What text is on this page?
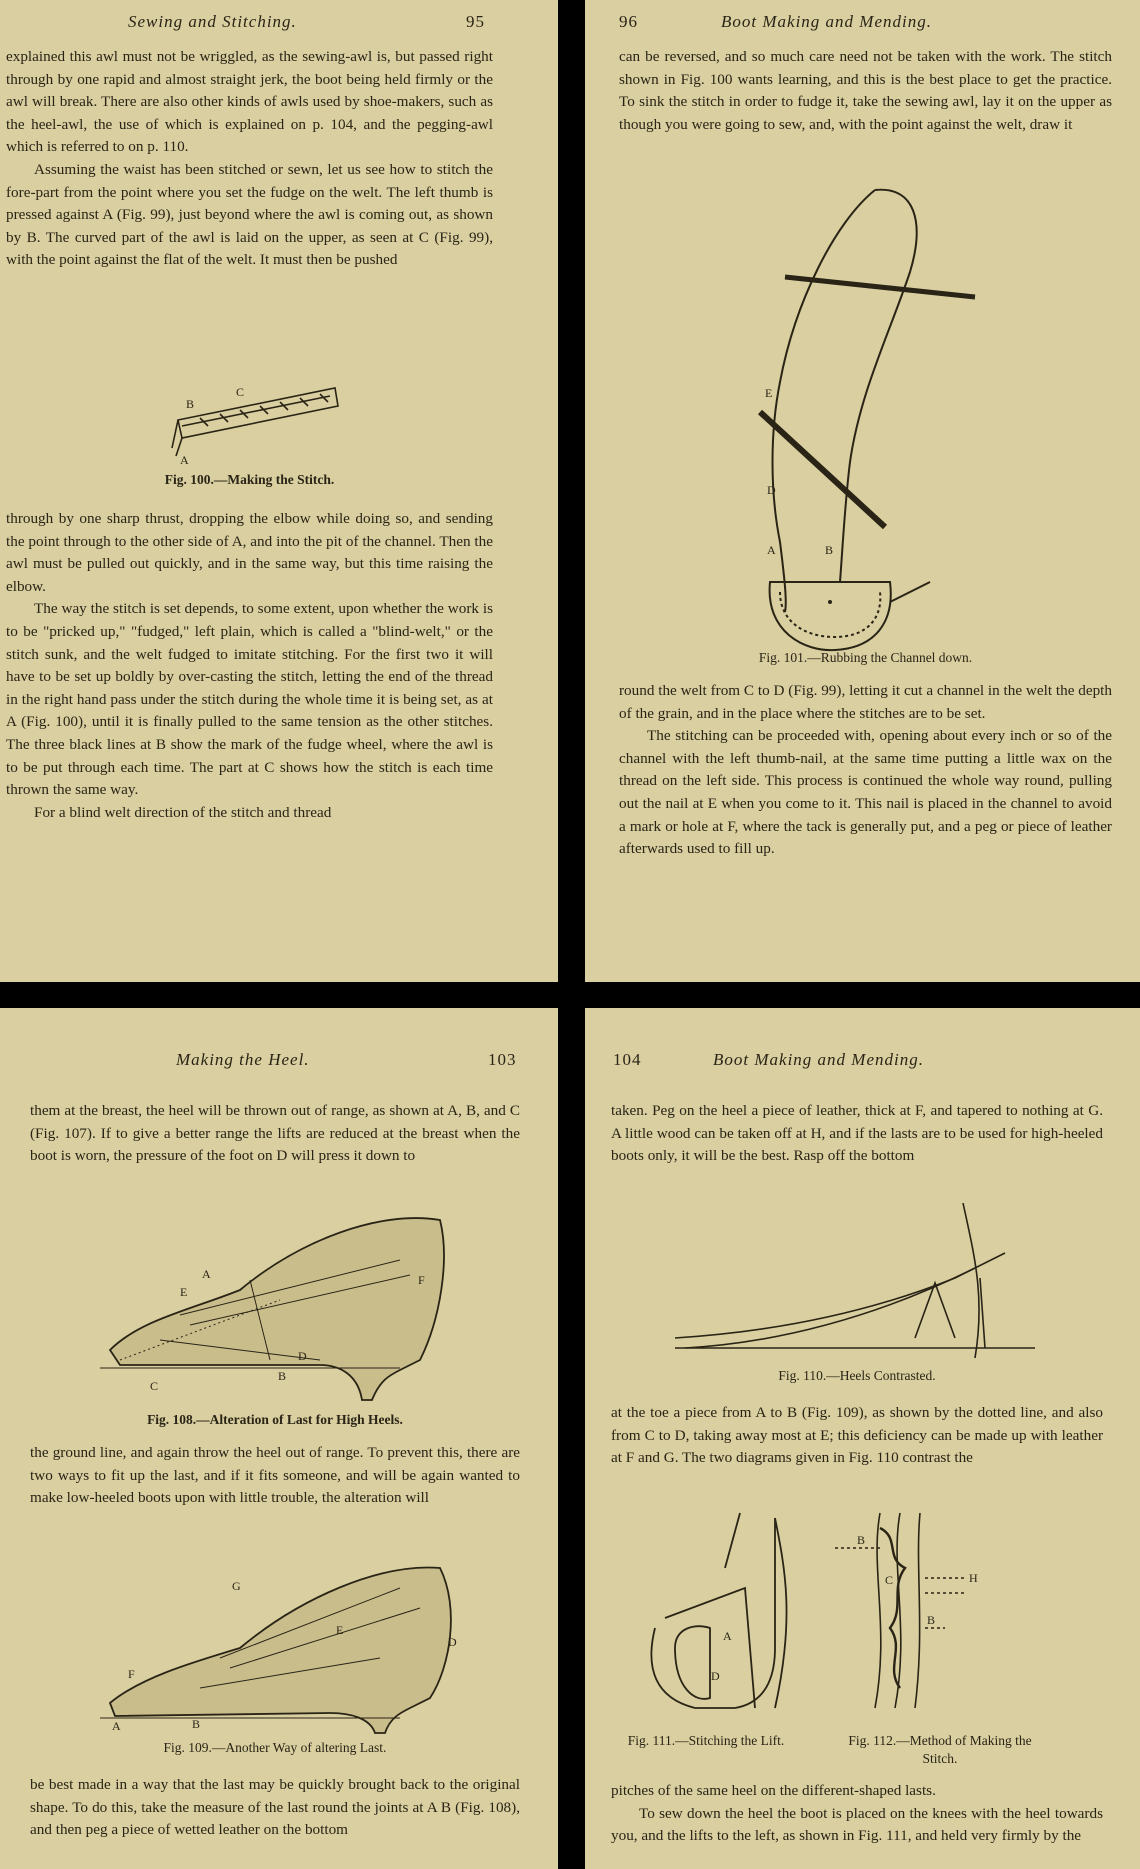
Sewing and Stitching.	95

explained this awl must not be wriggled, as the sewing-awl is, but passed right through by one rapid and almost straight jerk, the boot being held firmly or the awl will break. There are also other kinds of awls used by shoe-makers, such as the heel-awl, the use of which is explained on p. 104, and the pegging-awl which is referred to on p. 110.

Assuming the waist has been stitched or sewn, let us see how to stitch the fore-part from the point where you set the fudge on the welt. The left thumb is pressed against A (Fig. 99), just beyond where the awl is coming out, as shown by B. The curved part of the awl is laid on the upper, as seen at C (Fig. 99), with the point against the flat of the welt. It must then be pushed

B
C
A
Fig. 100.—Making the Stitch.

through by one sharp thrust, dropping the elbow while doing so, and sending the point through to the other side of A, and into the pit of the channel. Then the awl must be pulled out quickly, and in the same way, but this time raising the elbow.

The way the stitch is set depends, to some extent, upon whether the work is to be "pricked up," "fudged," left plain, which is called a "blind-welt," or the stitch sunk, and the welt fudged to imitate stitching. For the first two it will have to be set up boldly by over-casting the stitch, letting the end of the thread in the right hand pass under the stitch during the whole time it is being set, as at A (Fig. 100), until it is finally pulled to the same tension as the other stitches. The three black lines at B show the mark of the fudge wheel, where the awl is to be put through each time. The part at C shows how the stitch is each time thrown the same way.

For a blind welt direction of the stitch and thread

96	Boot Making and Mending.

can be reversed, and so much care need not be taken with the work. The stitch shown in Fig. 100 wants learning, and this is the best place to get the practice. To sink the stitch in order to fudge it, take the sewing awl, lay it on the upper as though you were going to sew, and, with the point against the welt, draw it

E
D
A	B
Fig. 101.—Rubbing the Channel down.

round the welt from C to D (Fig. 99), letting it cut a channel in the welt the depth of the grain, and in the place where the stitches are to be set.

The stitching can be proceeded with, opening about every inch or so of the channel with the left thumb-nail, at the same time putting a little wax on the thread on the left side. This process is continued the whole way round, pulling out the nail at E when you come to it. This nail is placed in the channel to avoid a mark or hole at F, where the tack is generally put, and a peg or piece of leather afterwards used to fill up.

Making the Heel.	103

them at the breast, the heel will be thrown out of range, as shown at A, B, and C (Fig. 107). If to give a better range the lifts are reduced at the breast when the boot is worn, the pressure of the foot on D will press it down to

A
E
F
D
C
B
Fig. 108.—Alteration of Last for High Heels.

the ground line, and again throw the heel out of range. To prevent this, there are two ways to fit up the last, and if it fits someone, and will be again wanted to make low-heeled boots upon with little trouble, the alteration will

G
E
F
D
A	B
Fig. 109.—Another Way of altering Last.

be best made in a way that the last may be quickly brought back to the original shape. To do this, take the measure of the last round the joints at A B (Fig. 108), and then peg a piece of wetted leather on the bottom

104	Boot Making and Mending.

taken. Peg on the heel a piece of leather, thick at F, and tapered to nothing at G. A little wood can be taken off at H, and if the lasts are to be used for high-heeled boots only, it will be the best. Rasp off the bottom

Fig. 110.—Heels Contrasted.

at the toe a piece from A to B (Fig. 109), as shown by the dotted line, and also from C to D, taking away most at E; this deficiency can be made up with leather at F and G. The two diagrams given in Fig. 110 contrast the

A
D
Fig. 111.—Stitching the Lift.
B
C	H
B
Fig. 112.—Method of Making the Stitch.

pitches of the same heel on the different-shaped lasts.

To sew down the heel the boot is placed on the knees with the heel towards you, and the lifts to the left, as shown in Fig. 111, and held very firmly by the
